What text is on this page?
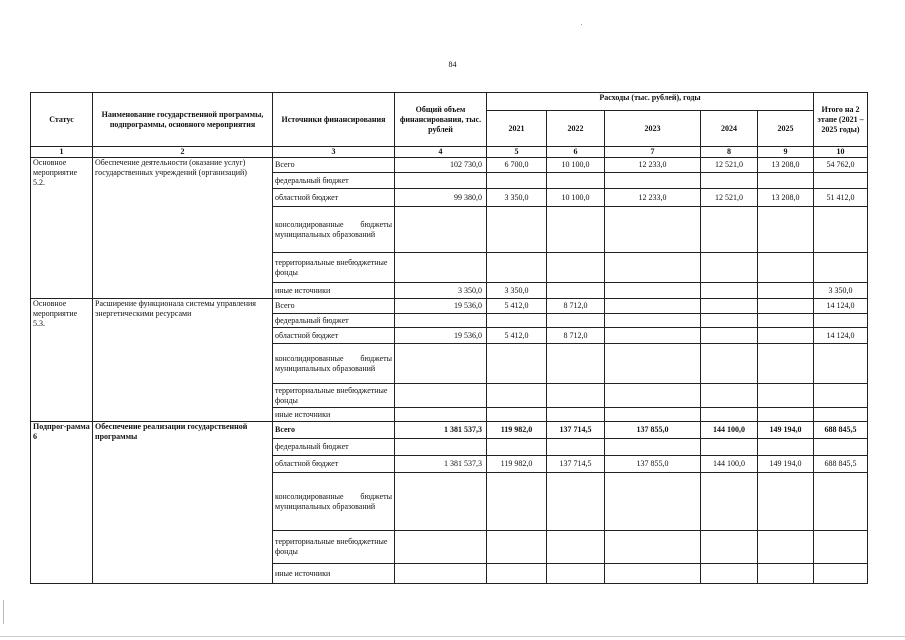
84
Статус	Наименование государственной программы, подпрограммы, основного мероприятия	Источники финансирования	Общий объем финансирования, тыс. рублей	Расходы (тыс. рублей), годы					Итого на 2 этапе (2021 – 2025 годы)
				2021	2022	2023	2024	2025	
1	2	3	4	5	6	7	8	9	10
Основное мероприятие 5.2.	Обеспечение деятельности (оказание услуг) государственных учреждений (организаций)	Всего	102 730,0	6 700,0	10 100,0	12 233,0	12 521,0	13 208,0	54 762,0
		федеральный бюджет							
		областной бюджет	99 380,0	3 350,0	10 100,0	12 233,0	12 521,0	13 208,0	51 412,0
		консолидированные бюджеты муниципальных образований							
		территориальные внебюджетные фонды							
		иные источники	3 350,0	3 350,0					3 350,0
Основное мероприятие 5.3.	Расширение функционала системы управления энергетическими ресурсами	Всего	19 536,0	5 412,0	8 712,0				14 124,0
		федеральный бюджет							
		областной бюджет	19 536,0	5 412,0	8 712,0				14 124,0
		консолидированные бюджеты муниципальных образований							
		территориальные внебюджетные фонды							
		иные источники							
Подпрог-рамма 6	Обеспечение реализации государственной программы	Всего	1 381 537,3	119 982,0	137 714,5	137 855,0	144 100,0	149 194,0	688 845,5
		федеральный бюджет							
		областной бюджет	1 381 537,3	119 982,0	137 714,5	137 855,0	144 100,0	149 194,0	688 845,5
		консолидированные бюджеты муниципальных образований							
		территориальные внебюджетные фонды							
		иные источники							
